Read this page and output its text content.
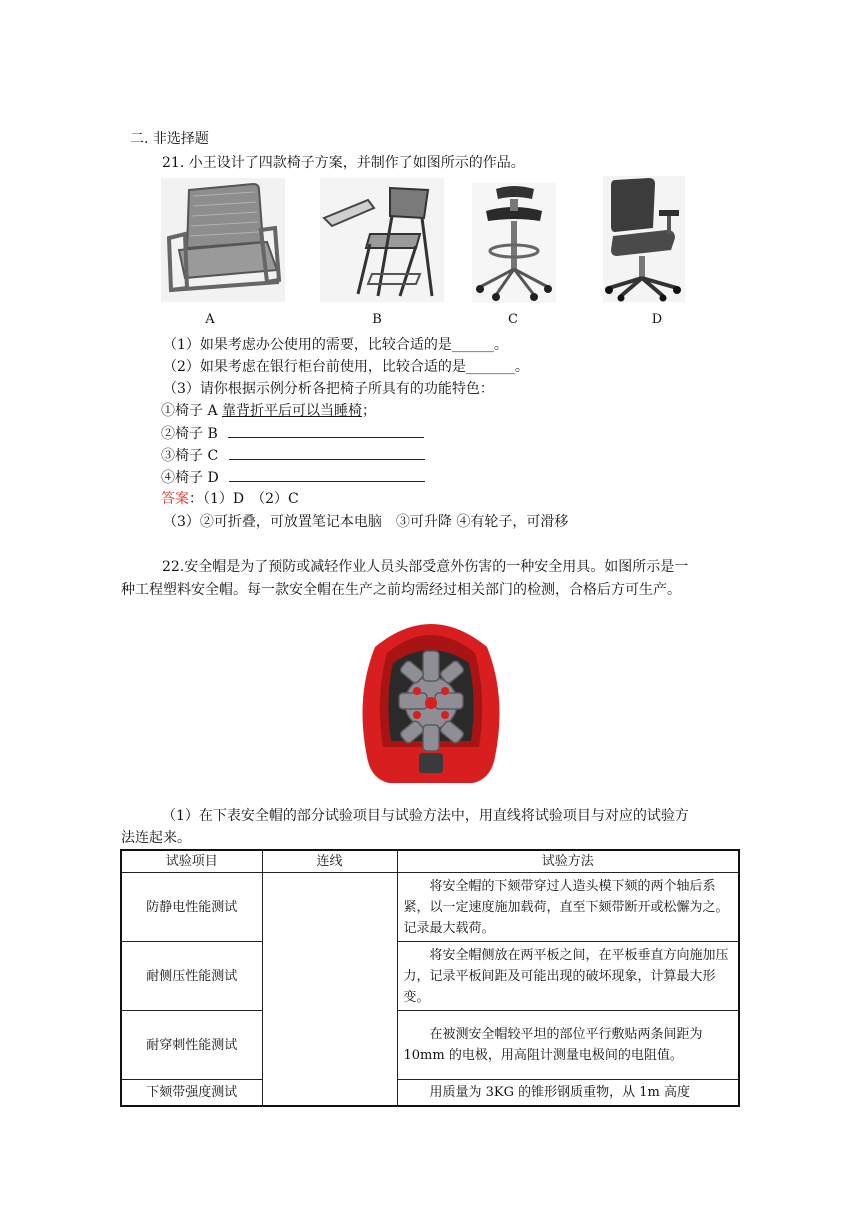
二. 非选择题
21. 小王设计了四款椅子方案，并制作了如图所示的作品。
A	B	C	D
（1）如果考虑办公使用的需要，比较合适的是______。
（2）如果考虑在银行柜台前使用，比较合适的是_______。
（3）请你根据示例分析各把椅子所具有的功能特色：
①椅子 A 靠背折平后可以当睡椅；
②椅子 B
③椅子 C
④椅子 D
答案：（1）D　（2）C
（3）②可折叠，可放置笔记本电脑　③可升降 ④有轮子，可滑移
22.安全帽是为了预防或减轻作业人员头部受意外伤害的一种安全用具。如图所示是一
种工程塑料安全帽。每一款安全帽在生产之前均需经过相关部门的检测，合格后方可生产。
（1）在下表安全帽的部分试验项目与试验方法中，用直线将试验项目与对应的试验方
法连起来。
试验项目	连线	试验方法
防静电性能测试		将安全帽的下颏带穿过人造头模下颏的两个轴后系紧，以一定速度施加载荷，直至下颏带断开或松懈为之。记录最大载荷。

耐侧压性能测试		将安全帽侧放在两平板之间，在平板垂直方向施加压力，记录平板间距及可能出现的破坏现象，计算最大形变。

耐穿刺性能测试		在被测安全帽较平坦的部位平行敷贴两条间距为10mm 的电极，用高阻计测量电极间的电阻值。

下颏带强度测试		用质量为 3KG 的锥形钢质重物，从 1m 高度
